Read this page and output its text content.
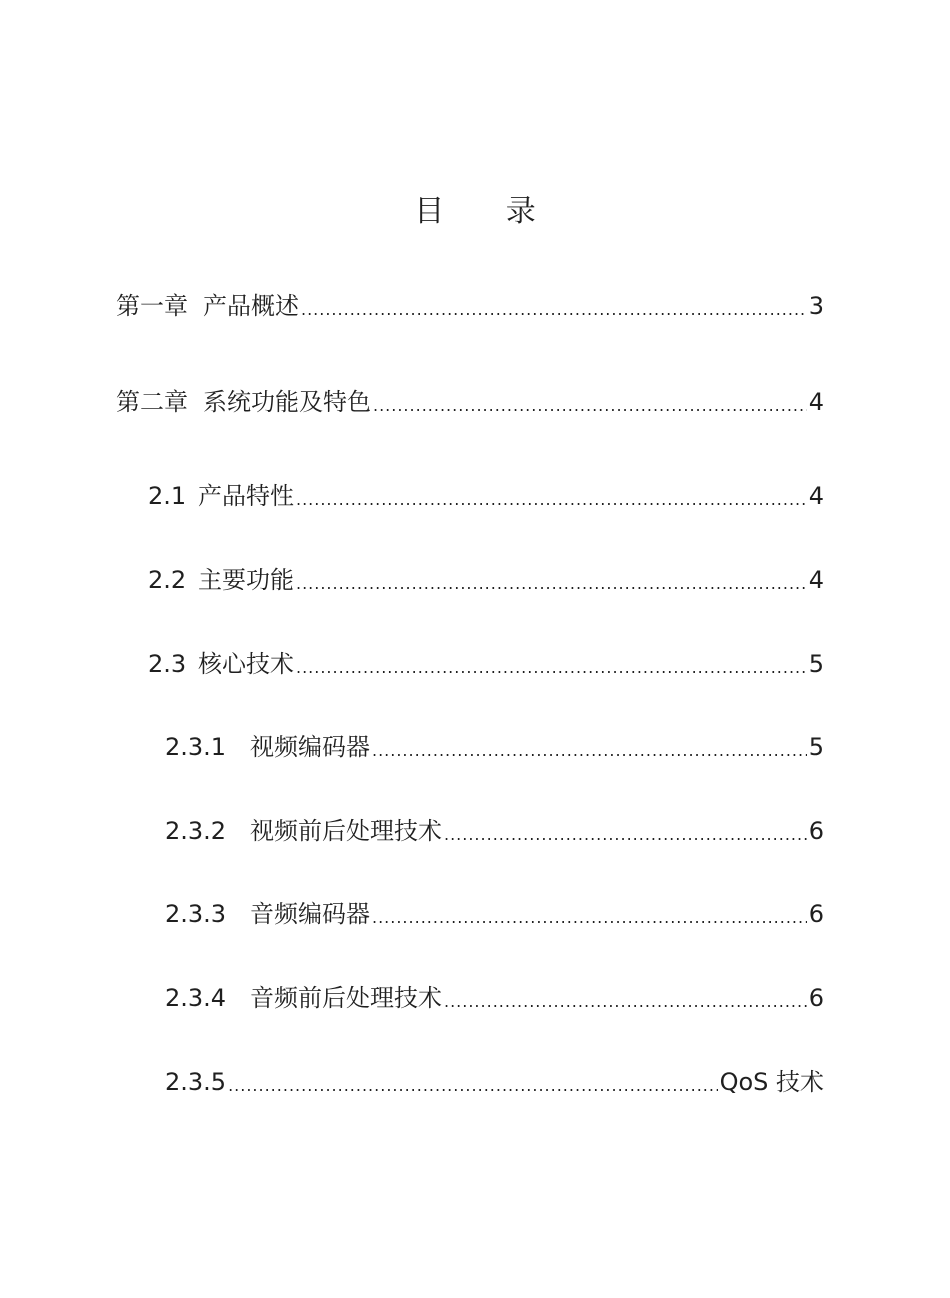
目 录
第一章 产品概述 .....	3
第二章 系统功能及特色 .....	4
2.1 产品特性 .....	4
2.2 主要功能 .....	4
2.3 核心技术 .....	5
2.3.1 视频编码器 .....	5
2.3.2 视频前后处理技术 .....	6
2.3.3 音频编码器 .....	6
2.3.4 音频前后处理技术 .....	6
2.3.5 .....	QoS 技术
